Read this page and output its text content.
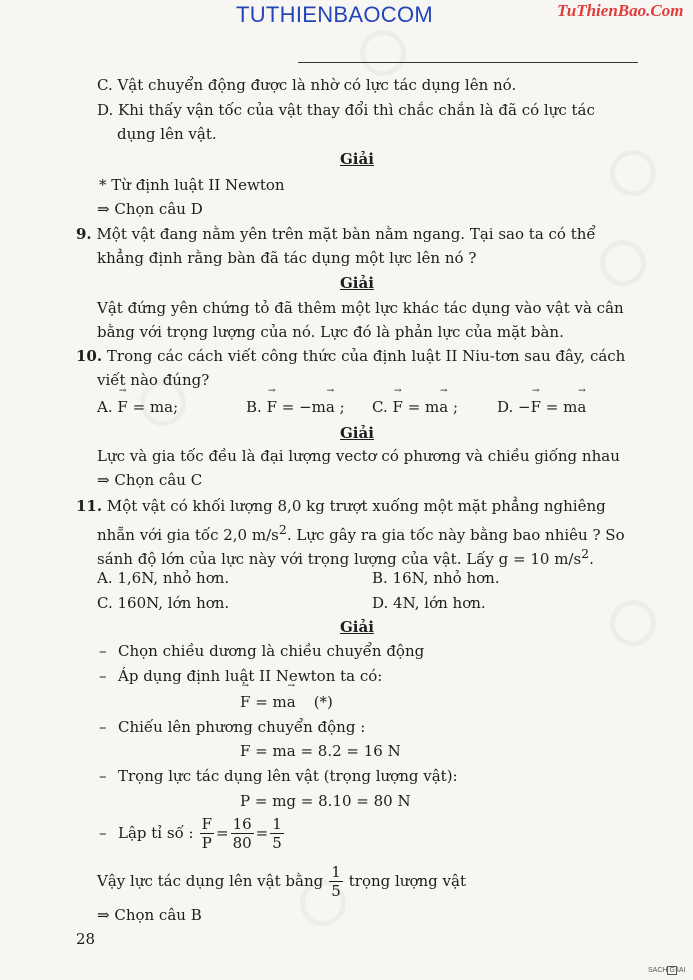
TUTHIENBAOCOM	TuThienBao.Com
C. Vật chuyển động được là nhờ có lực tác dụng lên nó.
D. Khi thấy vận tốc của vật thay đổi thì chắc chắn là đã có lực tác
dụng lên vật.
Giải
* Từ định luật II Newton
⇒ Chọn câu D
9. Một vật đang nằm yên trên mặt bàn nằm ngang. Tại sao ta có thể
khẳng định rằng bàn đã tác dụng một lực lên nó ?
Giải
Vật đứng yên chứng tỏ đã thêm một lực khác tác dụng vào vật và cân
bằng với trọng lượng của nó. Lực đó là phản lực của mặt bàn.
10. Trong các cách viết công thức của định luật II Niu-tơn sau đây, cách
viết nào đúng?
A. → F = ma;	B. → F = −m→ a ; C. → F = m→ a ;	D. −→ F = m→ a
Giải
Lực và gia tốc đều là đại lượng vectơ có phương và chiều giống nhau
⇒ Chọn câu C
11. Một vật có khối lượng 8,0 kg trượt xuống một mặt phẳng nghiêng
nhẵn với gia tốc 2,0 $m/s^2$. Lực gây ra gia tốc này bằng bao nhiêu ? So
sánh độ lớn của lực này với trọng lượng của vật. Lấy g = 10 $m/s^2$.
A. 1,6N, nhỏ hơn.	B. 16N, nhỏ hơn.
C. 160N, lớn hơn.	D. 4N, lớn hơn.
Giải
– Chọn chiều dương là chiều chuyển động
– Áp dụng định luật II Newton ta có:
→ F = m→ a (*)
– Chiếu lên phương chuyển động :
F = ma = 8.2 = 16 N
– Trọng lực tác dụng lên vật (trọng lượng vật):
P = mg = 8.10 = 80 N
– Lập tỉ số : $\frac{F}{P} = \frac{16}{80} = \frac{1}{5}$
Vậy lực tác dụng lên vật bằng $\frac{1}{5}$ trọng lượng vật
⇒ Chọn câu B
28
SACH G IAI
